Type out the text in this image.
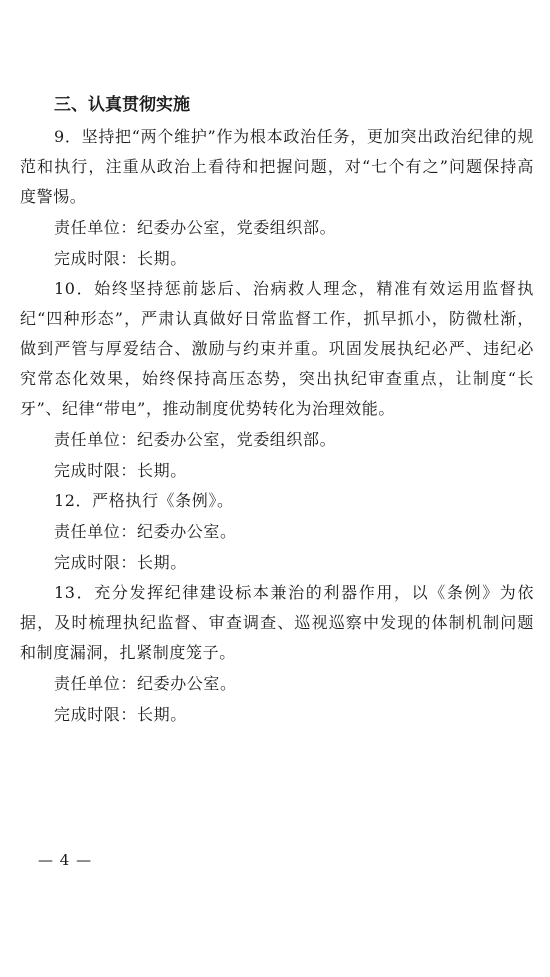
三、认真贯彻实施

9．坚持把“两个维护”作为根本政治任务，更加突出政治纪律的规范和执行，注重从政治上看待和把握问题，对“七个有之”问题保持高度警惕。

责任单位：纪委办公室，党委组织部。

完成时限：长期。

10．始终坚持惩前毖后、治病救人理念，精准有效运用监督执纪“四种形态”，严肃认真做好日常监督工作，抓早抓小，防微杜渐，做到严管与厚爱结合、激励与约束并重。巩固发展执纪必严、违纪必究常态化效果，始终保持高压态势，突出执纪审查重点，让制度“长牙”、纪律“带电”，推动制度优势转化为治理效能。

责任单位：纪委办公室，党委组织部。

完成时限：长期。

12．严格执行《条例》。

责任单位：纪委办公室。

完成时限：长期。

13．充分发挥纪律建设标本兼治的利器作用，以《条例》为依据，及时梳理执纪监督、审查调查、巡视巡察中发现的体制机制问题和制度漏洞，扎紧制度笼子。

责任单位：纪委办公室。

完成时限：长期。

— 4 —
